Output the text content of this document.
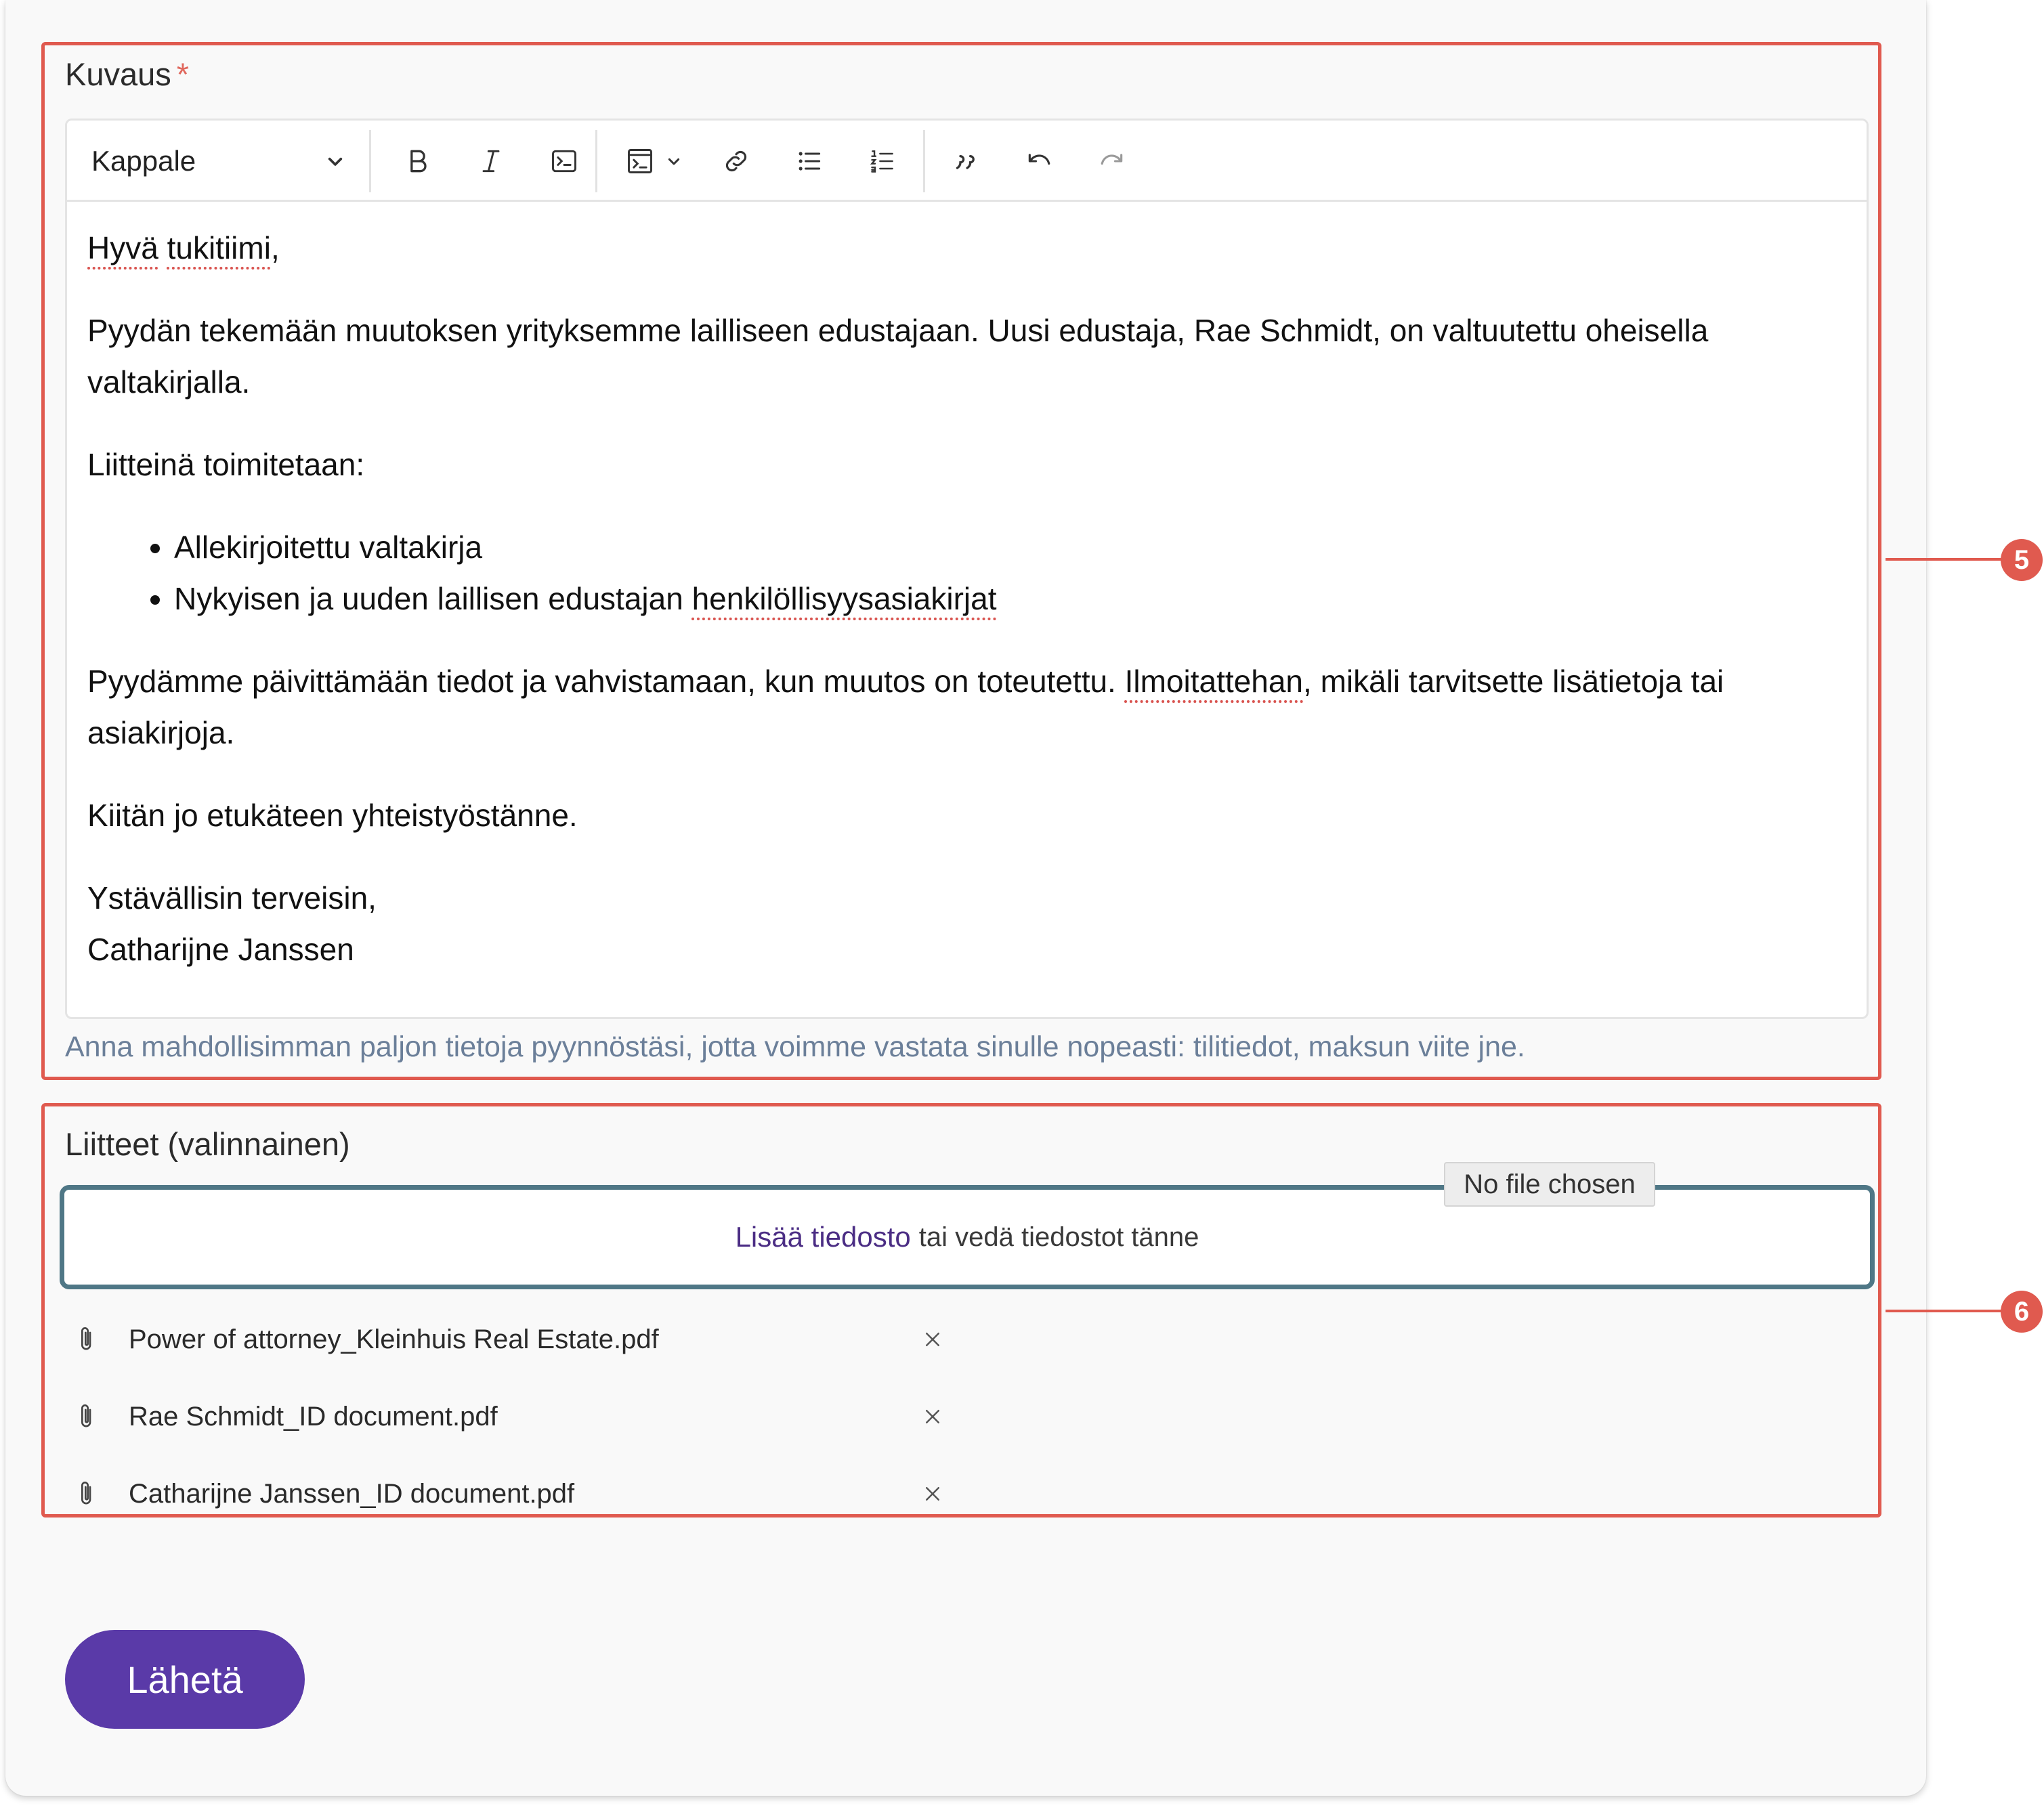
Kuvaus *
Kappale

Hyvä tukitiimi,

Pyydän tekemään muutoksen yrityksemme lailliseen edustajaan. Uusi edustaja, Rae Schmidt, on valtuutettu oheisella valtakirjalla.

Liitteinä toimitetaan:

• Allekirjoitettu valtakirja
• Nykyisen ja uuden laillisen edustajan henkilöllisyysasiakirjat

Pyydämme päivittämään tiedot ja vahvistamaan, kun muutos on toteutettu. Ilmoitattehan, mikäli tarvitsette lisätietoja tai asiakirjoja.

Kiitän jo etukäteen yhteistyöstänne.

Ystävällisin terveisin,

Catharijne Janssen

Anna mahdollisimman paljon tietoja pyynnöstäsi, jotta voimme vastata sinulle nopeasti: tilitiedot, maksun viite jne.
Liitteet (valinnainen)
Lisää tiedosto tai vedä tiedostot tänne
No file chosen
Power of attorney_Kleinhuis Real Estate.pdf
Rae Schmidt_ID document.pdf
Catharijne Janssen_ID document.pdf
5
6
Lähetä
